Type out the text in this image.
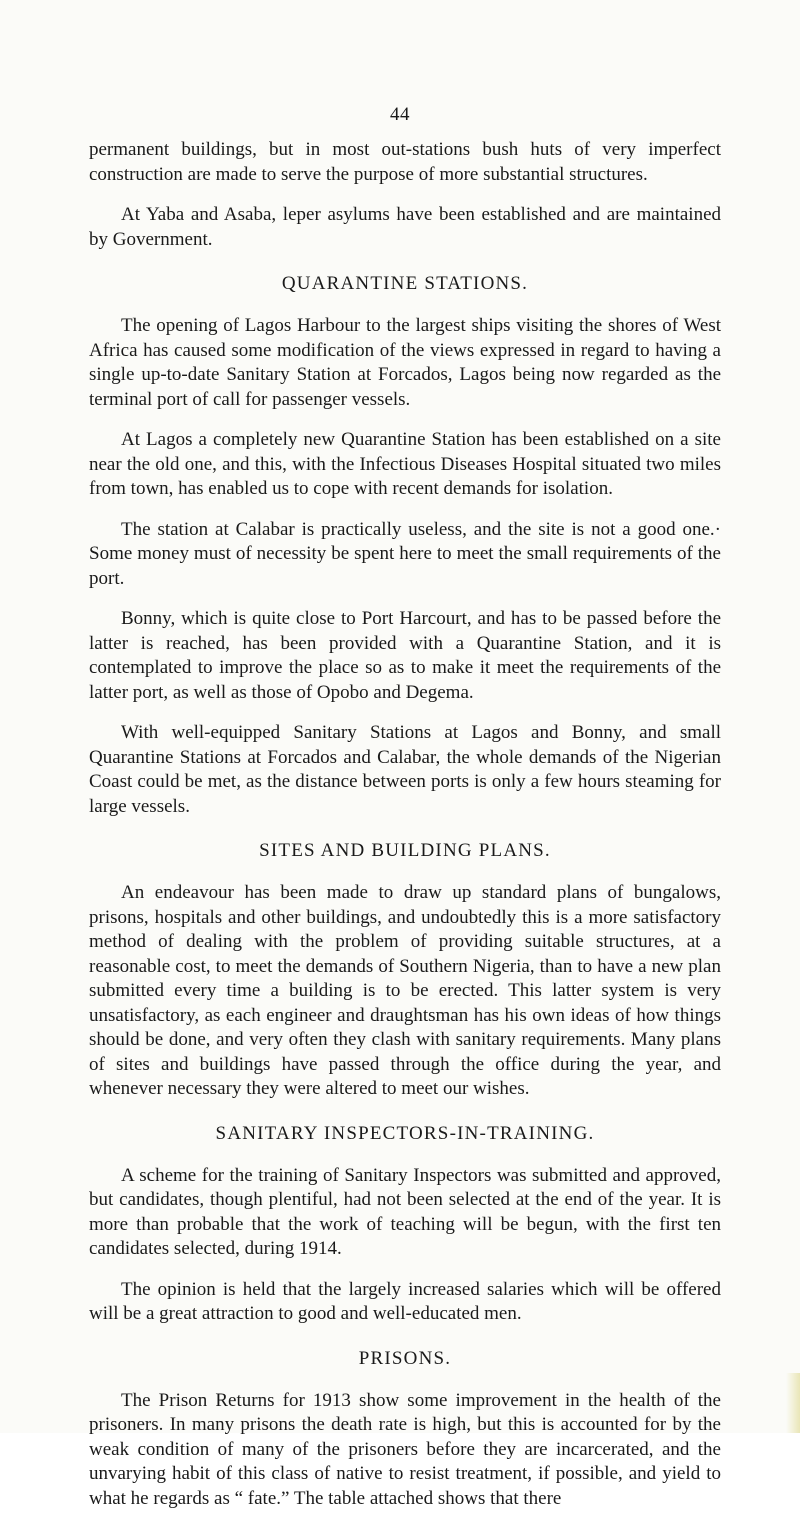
44

permanent buildings, but in most out-stations bush huts of very imperfect construction are made to serve the purpose of more substantial structures.

At Yaba and Asaba, leper asylums have been established and are maintained by Government.

QUARANTINE STATIONS.

The opening of Lagos Harbour to the largest ships visiting the shores of West Africa has caused some modification of the views expressed in regard to having a single up-to-date Sanitary Station at Forcados, Lagos being now regarded as the terminal port of call for passenger vessels.

At Lagos a completely new Quarantine Station has been established on a site near the old one, and this, with the Infectious Diseases Hospital situated two miles from town, has enabled us to cope with recent demands for isolation.

The station at Calabar is practically useless, and the site is not a good one.· Some money must of necessity be spent here to meet the small requirements of the port.

Bonny, which is quite close to Port Harcourt, and has to be passed before the latter is reached, has been provided with a Quarantine Station, and it is contemplated to improve the place so as to make it meet the requirements of the latter port, as well as those of Opobo and Degema.

With well-equipped Sanitary Stations at Lagos and Bonny, and small Quarantine Stations at Forcados and Calabar, the whole demands of the Nigerian Coast could be met, as the distance between ports is only a few hours steaming for large vessels.

SITES AND BUILDING PLANS.

An endeavour has been made to draw up standard plans of bungalows, prisons, hospitals and other buildings, and undoubtedly this is a more satisfactory method of dealing with the problem of providing suitable structures, at a reasonable cost, to meet the demands of Southern Nigeria, than to have a new plan submitted every time a building is to be erected. This latter system is very unsatisfactory, as each engineer and draughtsman has his own ideas of how things should be done, and very often they clash with sanitary requirements. Many plans of sites and buildings have passed through the office during the year, and whenever necessary they were altered to meet our wishes.

SANITARY INSPECTORS-IN-TRAINING.

A scheme for the training of Sanitary Inspectors was submitted and approved, but candidates, though plentiful, had not been selected at the end of the year. It is more than probable that the work of teaching will be begun, with the first ten candidates selected, during 1914.

The opinion is held that the largely increased salaries which will be offered will be a great attraction to good and well-educated men.

PRISONS.

The Prison Returns for 1913 show some improvement in the health of the prisoners. In many prisons the death rate is high, but this is accounted for by the weak condition of many of the prisoners before they are incarcerated, and the unvarying habit of this class of native to resist treatment, if possible, and yield to what he regards as “ fate.” The table attached shows that there
